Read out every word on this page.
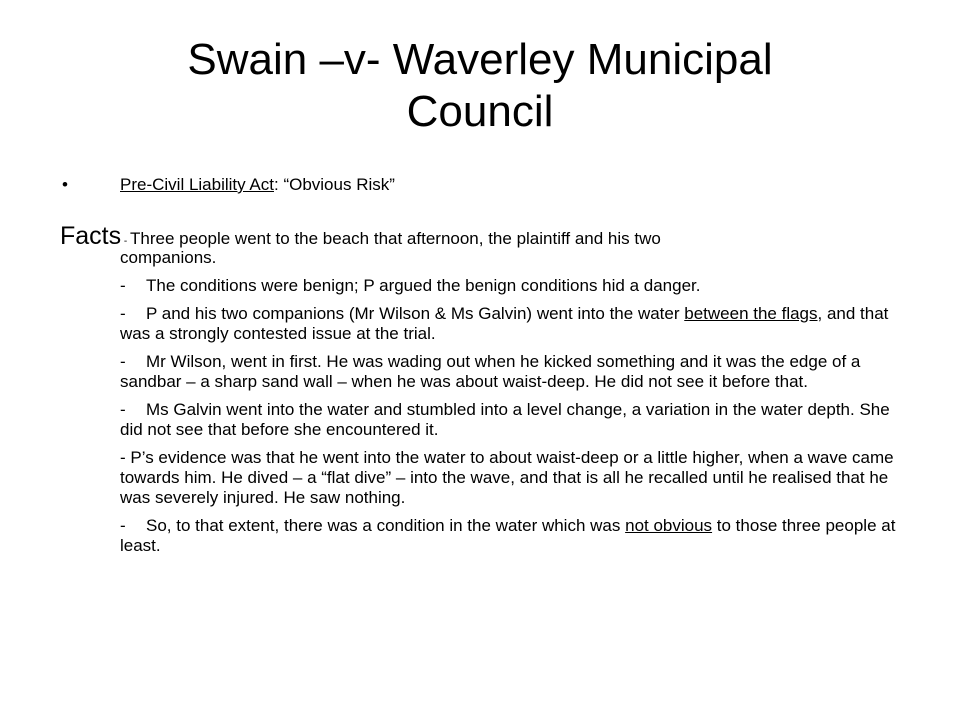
Swain –v- Waverley Municipal
Council
•	Pre-Civil Liability Act: “Obvious Risk”
Facts - Three people went to the beach that afternoon, the plaintiff and his two

companions.

- The conditions were benign; P argued the benign conditions hid a danger.

- P and his two companions (Mr Wilson & Ms Galvin) went into the water between the flags, and that was a strongly contested issue at the trial.

- Mr Wilson, went in first. He was wading out when he kicked something and it was the edge of a sandbar – a sharp sand wall – when he was about waist-deep. He did not see it before that.

- Ms Galvin went into the water and stumbled into a level change, a variation in the water depth. She did not see that before she encountered it.

- P’s evidence was that he went into the water to about waist-deep or a little higher, when a wave came towards him. He dived – a “flat dive” – into the wave, and that is all he recalled until he realised that he was severely injured. He saw nothing.

- So, to that extent, there was a condition in the water which was not obvious to those three people at least.
